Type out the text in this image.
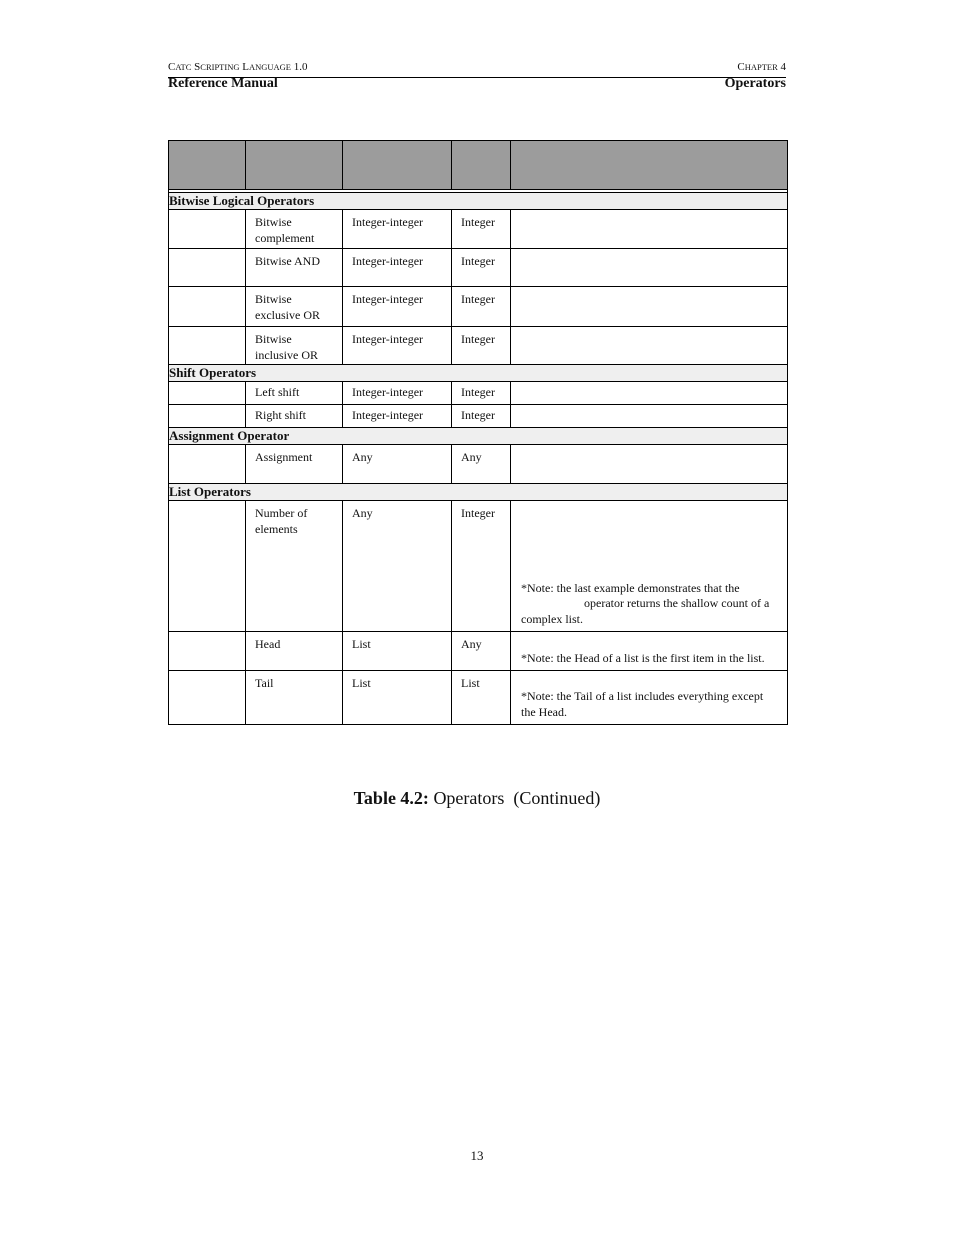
CATC SCRIPTING LANGUAGE 1.0	CHAPTER 4
Reference Manual	Operators

Bitwise Logical Operators				

	Bitwise complement	Integer-integer	Integer	

	Bitwise AND	Integer-integer	Integer	

	Bitwise exclusive OR	Integer-integer	Integer	

	Bitwise inclusive OR	Integer-integer	Integer	

Shift Operators				

	Left shift	Integer-integer	Integer	

	Right shift	Integer-integer	Integer	

Assignment Operator				

	Assignment	Any	Any	

List Operators				

	Number of elements	Any	Integer	*Note: the last example demonstrates that the
operator returns the shallow count of a
complex list.

	Head	List	Any	*Note: the Head of a list is the first item in the list.

	Tail	List	List	*Note: the Tail of a list includes everything except
the Head.
Table 4.2: Operators  (Continued)
13
